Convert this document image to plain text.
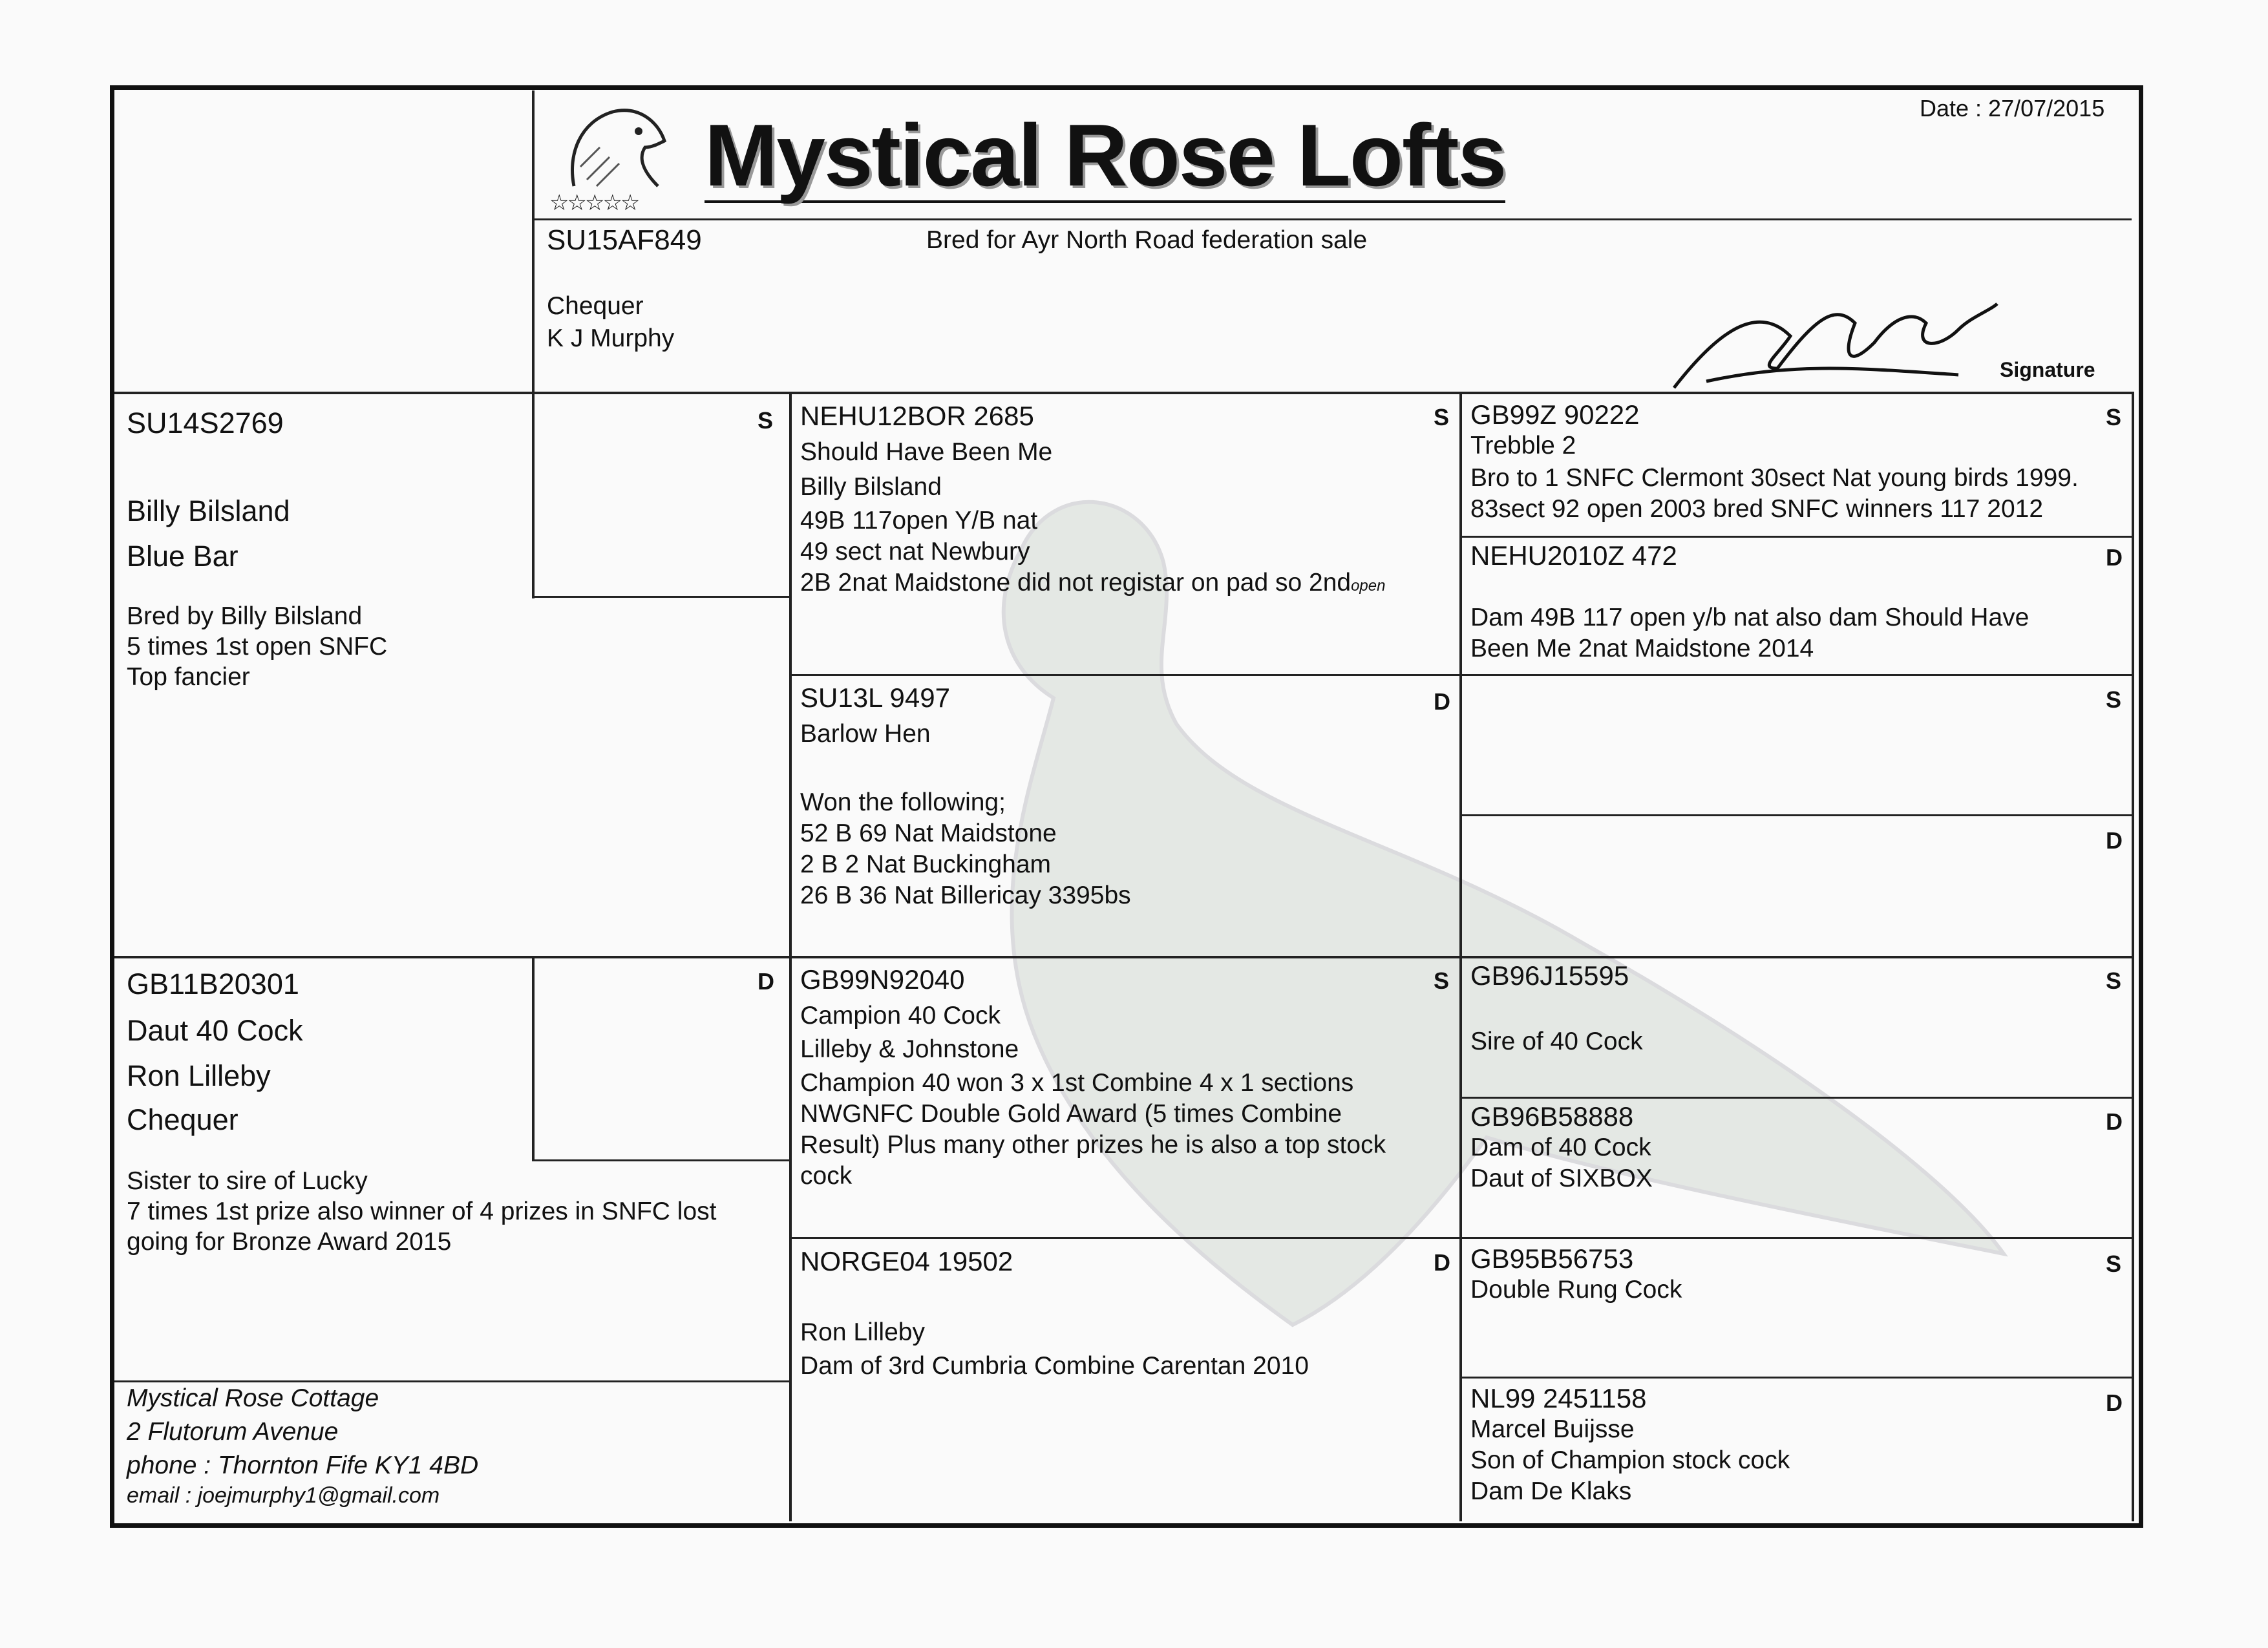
☆☆☆☆☆ Mystical Rose Lofts	Date : 27/07/2015
SU15AF849	Bred for Ayr North Road federation sale
Chequer
K J Murphy
Signature
SU14S2769
Billy Bilsland
Blue Bar
Bred by Billy Bilsland
5 times 1st open SNFC
Top fancier
S
GB11B20301
Daut 40 Cock
Ron Lilleby
Chequer
Sister to sire of Lucky
7 times 1st prize also winner of 4 prizes in SNFC lost
going for Bronze Award 2015
D
Mystical Rose Cottage
2 Flutorum Avenue
phone : Thornton Fife KY1 4BD
email : joejmurphy1@gmail.com
NEHU12BOR 2685
Should Have Been Me
Billy Bilsland
49B 117open Y/B nat
49 sect nat Newbury
2B 2nat Maidstone did not registar on pad so 2ndopen
S
SU13L 9497
Barlow Hen
Won the following;
52 B 69 Nat Maidstone
2 B 2 Nat Buckingham
26 B 36 Nat Billericay 3395bs
D
GB99N92040
Campion 40 Cock
Lilleby & Johnstone
Champion 40 won 3 x 1st Combine 4 x 1 sections
NWGNFC Double Gold Award (5 times Combine
Result) Plus many other prizes he is also a top stock
cock
S
NORGE04 19502
Ron Lilleby
Dam of 3rd Cumbria Combine Carentan 2010
D
GB99Z 90222
Trebble 2
Bro to 1 SNFC Clermont 30sect Nat young birds 1999.
83sect 92 open 2003 bred SNFC winners 117 2012
S
NEHU2010Z 472
Dam 49B 117 open y/b nat also dam Should Have
Been Me 2nat Maidstone 2014
D
S
D
GB96J15595
Sire of 40 Cock
S
GB96B58888
Dam of 40 Cock
Daut of SIXBOX
D
GB95B56753
Double Rung Cock
S
NL99 2451158
Marcel Buijsse
Son of Champion stock cock
Dam De Klaks
D
